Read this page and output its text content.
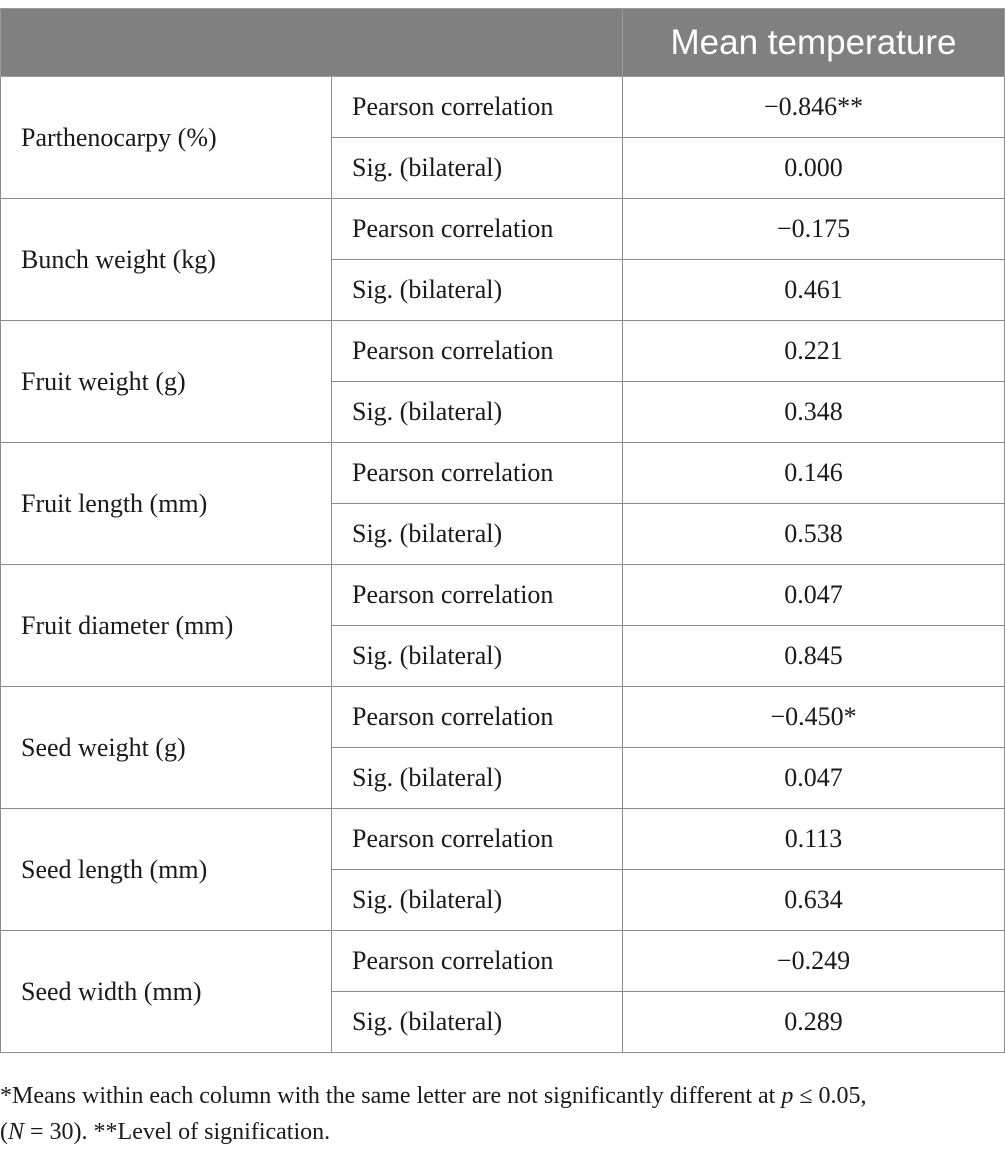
		Mean temperature
Parthenocarpy (%)	Pearson correlation	−0.846**
	Sig. (bilateral)	0.000
Bunch weight (kg)	Pearson correlation	−0.175
	Sig. (bilateral)	0.461
Fruit weight (g)	Pearson correlation	0.221
	Sig. (bilateral)	0.348
Fruit length (mm)	Pearson correlation	0.146
	Sig. (bilateral)	0.538
Fruit diameter (mm)	Pearson correlation	0.047
	Sig. (bilateral)	0.845
Seed weight (g)	Pearson correlation	−0.450*
	Sig. (bilateral)	0.047
Seed length (mm)	Pearson correlation	0.113
	Sig. (bilateral)	0.634
Seed width (mm)	Pearson correlation	−0.249
	Sig. (bilateral)	0.289
*Means within each column with the same letter are not significantly different at p ≤ 0.05,
(N = 30). **Level of signification.
